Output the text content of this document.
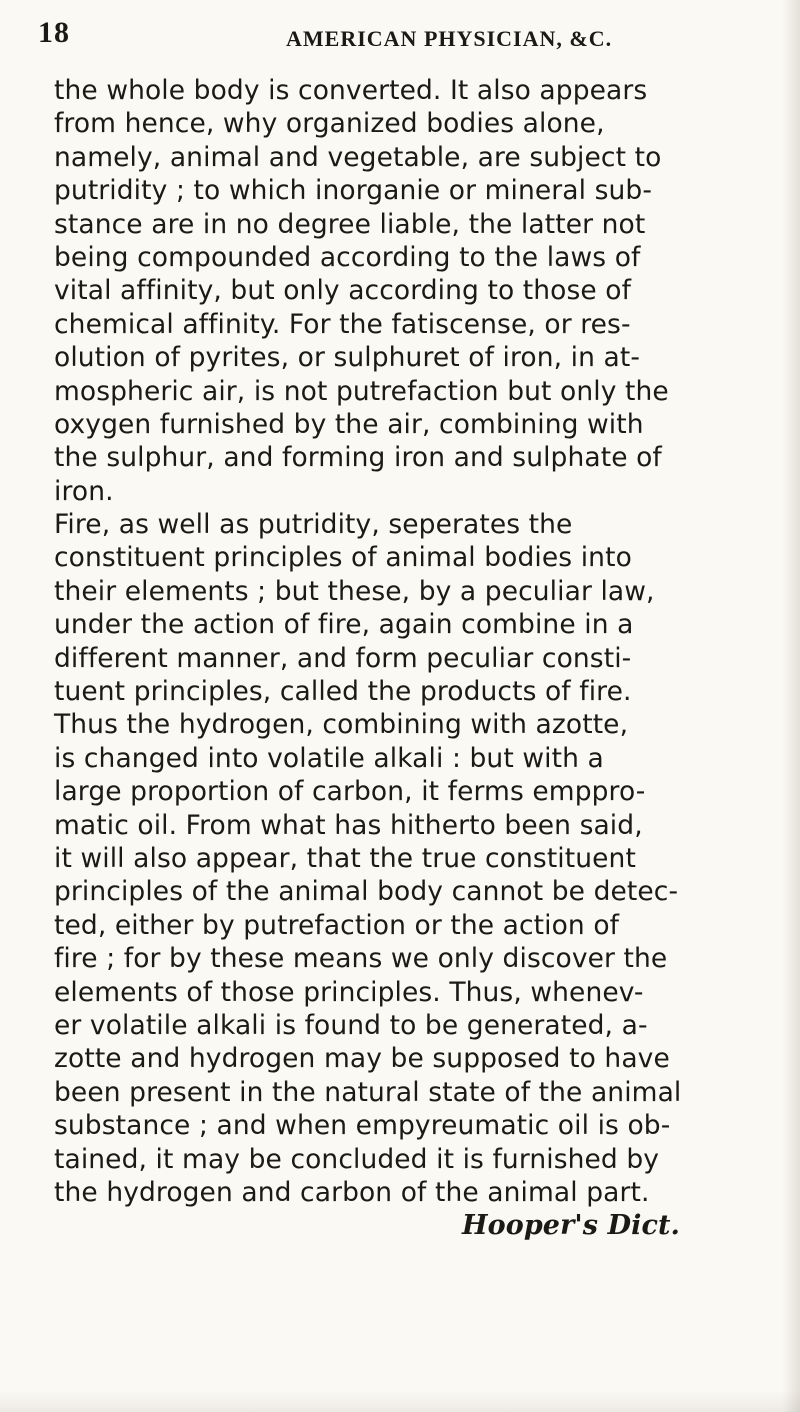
18	AMERICAN PHYSICIAN, &C.
the whole body is converted. It also appears
from hence, why organized bodies alone,
namely, animal and vegetable, are subject to
putridity ; to which inorganie or mineral sub-
stance are in no degree liable, the latter not
being compounded according to the laws of
vital affinity, but only according to those of
chemical affinity. For the fatiscense, or res-
olution of pyrites, or sulphuret of iron, in at-
mospheric air, is not putrefaction but only the
oxygen furnished by the air, combining with
the sulphur, and forming iron and sulphate of
iron.
Fire, as well as putridity, seperates the
constituent principles of animal bodies into
their elements ; but these, by a peculiar law,
under the action of fire, again combine in a
different manner, and form peculiar consti-
tuent principles, called the products of fire.
Thus the hydrogen, combining with azotte,
is changed into volatile alkali : but with a
large proportion of carbon, it ferms emppro-
matic oil. From what has hitherto been said,
it will also appear, that the true constituent
principles of the animal body cannot be detec-
ted, either by putrefaction or the action of
fire ; for by these means we only discover the
elements of those principles. Thus, whenev-
er volatile alkali is found to be generated, a-
zotte and hydrogen may be supposed to have
been present in the natural state of the animal
substance ; and when empyreumatic oil is ob-
tained, it may be concluded it is furnished by
the hydrogen and carbon of the animal part.
Hooper's Dict.
